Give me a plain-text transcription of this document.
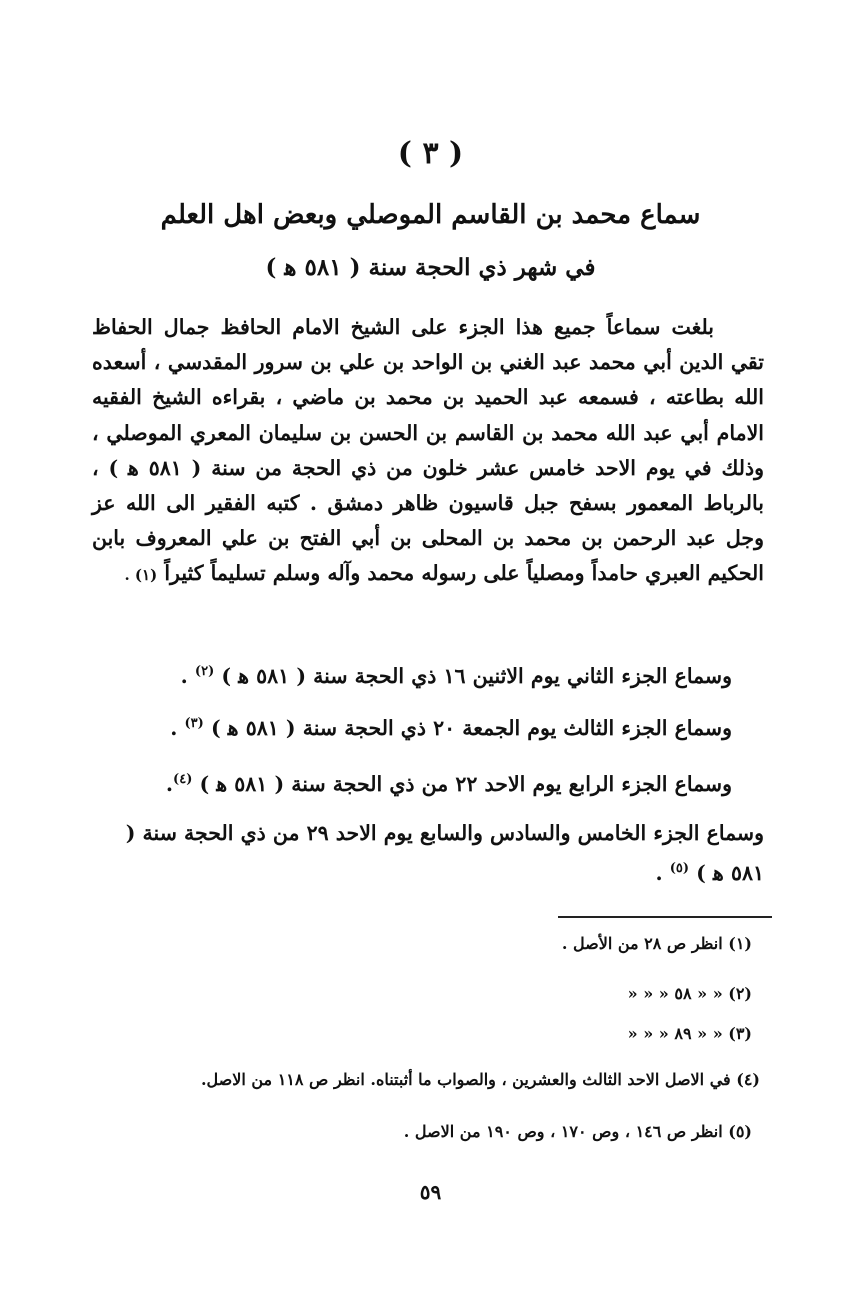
( ٣ )
سماع محمد بن القاسم الموصلي وبعض اهل العلم
في شهر ذي الحجة سنة ( ٥٨١ ﻫ )

بلغت سماعاً جميع هذا الجزء على الشيخ الامام الحافظ جمال الحفاظ تقي الدين أبي محمد عبد الغني بن الواحد بن علي بن سرور المقدسي ، أسعده الله بطاعته ، فسمعه عبد الحميد بن محمد بن ماضي ، بقراءه الشيخ الفقيه الامام أبي عبد الله محمد بن القاسم بن الحسن بن سليمان المعري الموصلي ، وذلك في يوم الاحد خامس عشر خلون من ذي الحجة من سنة ( ٥٨١ ﻫ ) ، بالرباط المعمور بسفح جبل قاسيون ظاهر دمشق . كتبه الفقير الى الله عز وجل عبد الرحمن بن محمد بن المحلى بن أبي الفتح بن علي المعروف بابن الحكيم العبري حامداً ومصلياً على رسوله محمد وآله وسلم تسليماً كثيراً (١) .

وسماع الجزء الثاني يوم الاثنين ١٦ ذي الحجة سنة ( ٥٨١ ﻫ ) $^{(٢)}$ .
وسماع الجزء الثالث يوم الجمعة ٢٠ ذي الحجة سنة ( ٥٨١ ﻫ ) $^{(٣)}$ .
وسماع الجزء الرابع يوم الاحد ٢٢ من ذي الحجة سنة ( ٥٨١ ﻫ ) $^{(٤)}$.
وسماع الجزء الخامس والسادس والسابع يوم الاحد ٢٩ من ذي الحجة سنة ( ٥٨١ ﻫ ) $^{(٥)}$ .
(١) انظر ص ٢٨ من الأصل .
(٢) « « ٥٨ « « «
(٣) « « ٨٩ « « «
(٤) في الاصل الاحد الثالث والعشرين ، والصواب ما أثبتناه. انظر ص ١١٨ من الاصل.
(٥) انظر ص ١٤٦ ، وص ١٧٠ ، وص ١٩٠ من الاصل .
٥٩
